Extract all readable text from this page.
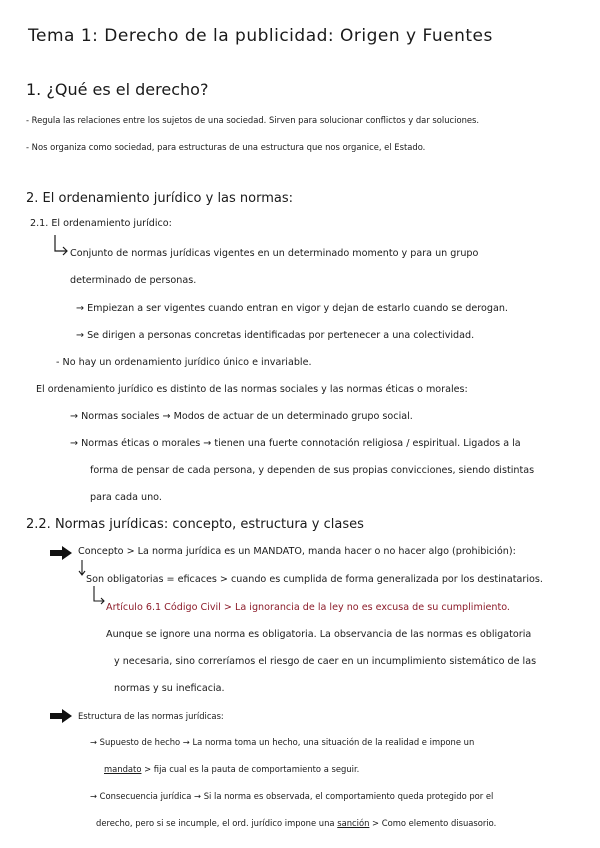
Tema 1: Derecho de la publicidad: Origen y Fuentes
1. ¿Qué es el derecho?
- Regula las relaciones entre los sujetos de una sociedad. Sirven para solucionar conflictos y dar soluciones.
- Nos organiza como sociedad, para estructuras de una estructura que nos organice, el Estado.
2. El ordenamiento jurídico y las normas:
2.1. El ordenamiento jurídico:
Conjunto de normas jurídicas vigentes en un determinado momento y para un grupo
determinado de personas.
→ Empiezan a ser vigentes cuando entran en vigor y dejan de estarlo cuando se derogan.
→ Se dirigen a personas concretas identificadas por pertenecer a una colectividad.
- No hay un ordenamiento jurídico único e invariable.
El ordenamiento jurídico es distinto de las normas sociales y las normas éticas o morales:
→ Normas sociales → Modos de actuar de un determinado grupo social.
→ Normas éticas o morales → tienen una fuerte connotación religiosa / espiritual. Ligados a la
forma de pensar de cada persona, y dependen de sus propias convicciones, siendo distintas
para cada uno.
2.2. Normas jurídicas: concepto, estructura y clases
Concepto > La norma jurídica es un MANDATO, manda hacer o no hacer algo (prohibición):
Son obligatorias = eficaces > cuando es cumplida de forma generalizada por los destinatarios.
Artículo 6.1 Código Civil > La ignorancia de la ley no es excusa de su cumplimiento.
Aunque se ignore una norma es obligatoria. La observancia de las normas es obligatoria
y necesaria, sino correríamos el riesgo de caer en un incumplimiento sistemático de las
normas y su ineficacia.
Estructura de las normas jurídicas:
→ Supuesto de hecho → La norma toma un hecho, una situación de la realidad e impone un
mandato > fija cual es la pauta de comportamiento a seguir.
→ Consecuencia jurídica → Si la norma es observada, el comportamiento queda protegido por el
derecho, pero si se incumple, el ord. jurídico impone una sanción > Como elemento disuasorio.
